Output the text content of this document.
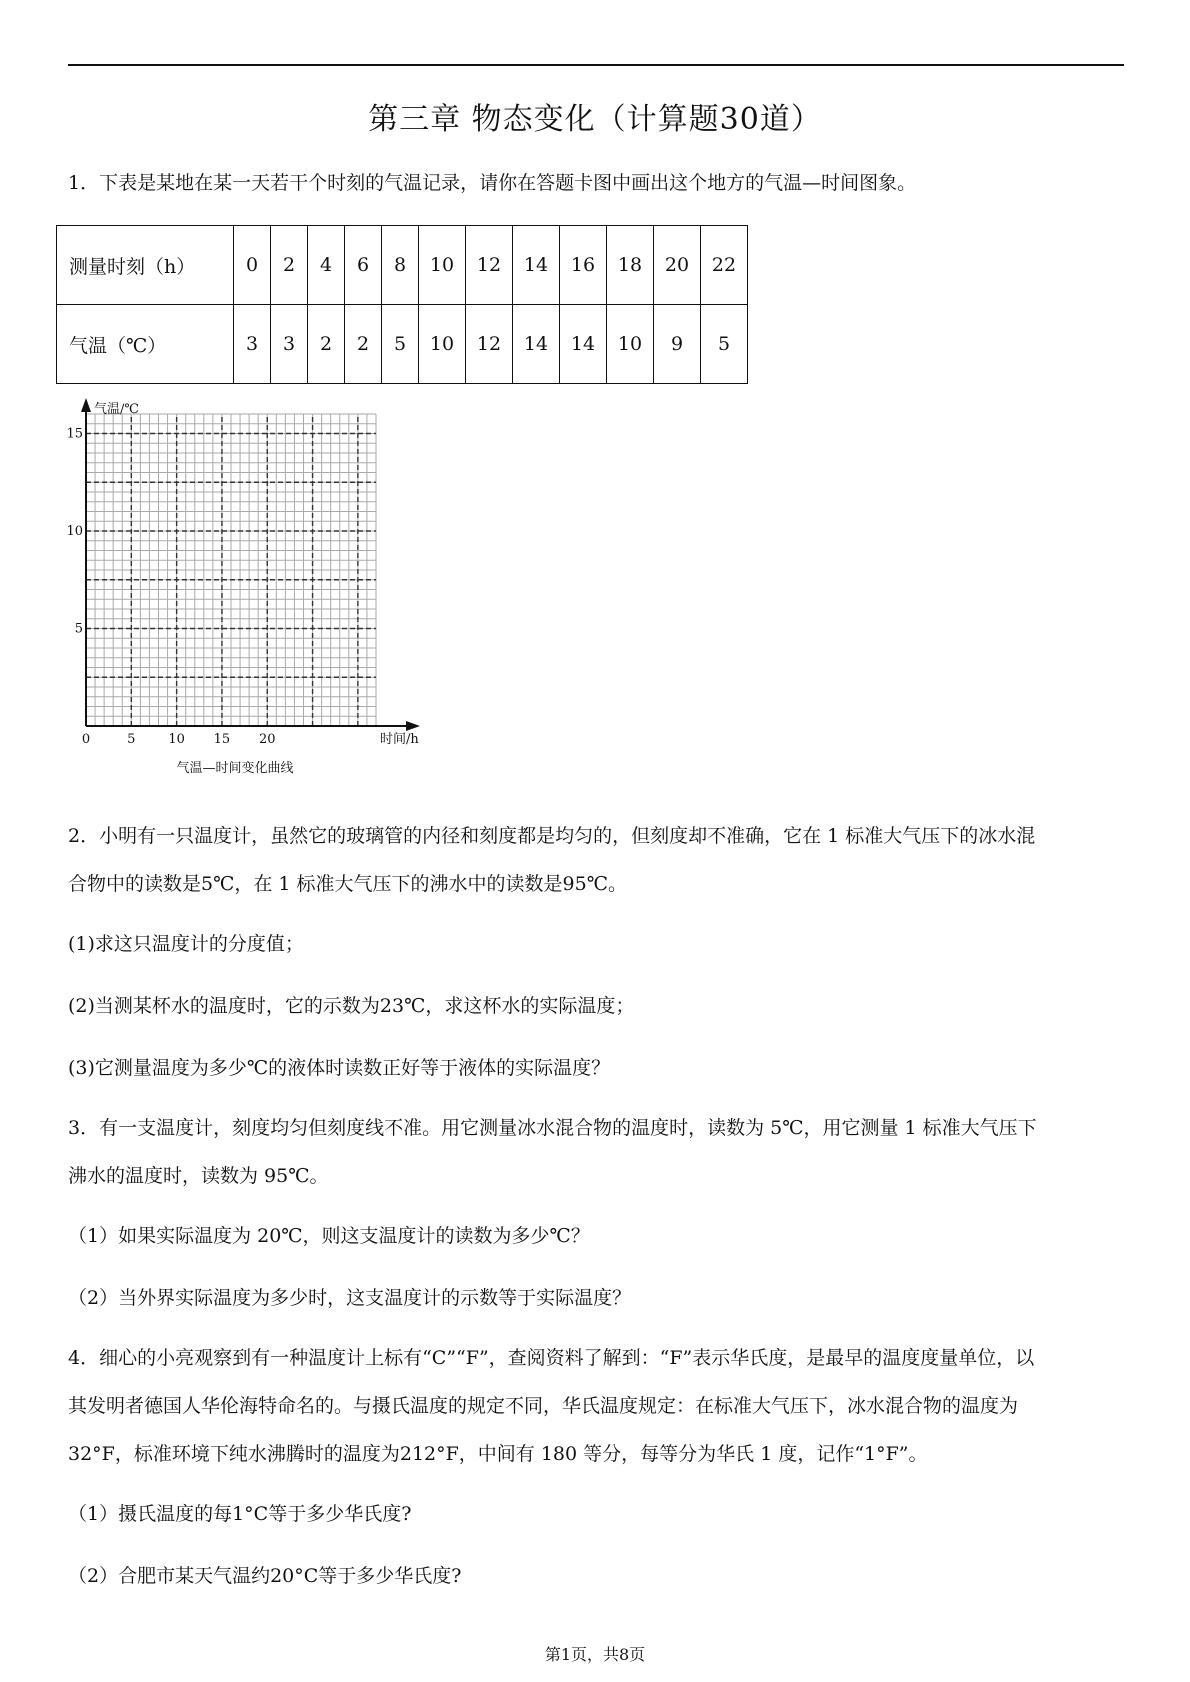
第三章 物态变化（计算题30道）
1．下表是某地在某一天若干个时刻的气温记录，请你在答题卡图中画出这个地方的气温—时间图象。
测量时刻（h）	0	2	4	6	8	10	12	14	16	18	20	22
气温（℃）	3	3	2	2	5	10	12	14	14	10	9	5
气温/℃
时间/h
0	5	10 15 20
5
10
15
气温—时间变化曲线
2．小明有一只温度计，虽然它的玻璃管的内径和刻度都是均匀的，但刻度却不准确，它在 1 标准大气压下的冰水混
合物中的读数是5℃，在 1 标准大气压下的沸水中的读数是95℃。
(1)求这只温度计的分度值；
(2)当测某杯水的温度时，它的示数为23℃，求这杯水的实际温度；
(3)它测量温度为多少℃的液体时读数正好等于液体的实际温度？
3．有一支温度计，刻度均匀但刻度线不准。用它测量冰水混合物的温度时，读数为 5℃，用它测量 1 标准大气压下
沸水的温度时，读数为 95℃。
（1）如果实际温度为 20℃，则这支温度计的读数为多少℃？
（2）当外界实际温度为多少时，这支温度计的示数等于实际温度？
4．细心的小亮观察到有一种温度计上标有“C”“F”，查阅资料了解到：“F”表示华氏度，是最早的温度度量单位，以
其发明者德国人华伦海特命名的。与摄氏温度的规定不同，华氏温度规定：在标准大气压下，冰水混合物的温度为
32°F，标准环境下纯水沸腾时的温度为212°F，中间有 180 等分，每等分为华氏 1 度，记作“1°F”。
（1）摄氏温度的每1°C等于多少华氏度?
（2）合肥市某天气温约20°C等于多少华氏度?
第1页，共8页
